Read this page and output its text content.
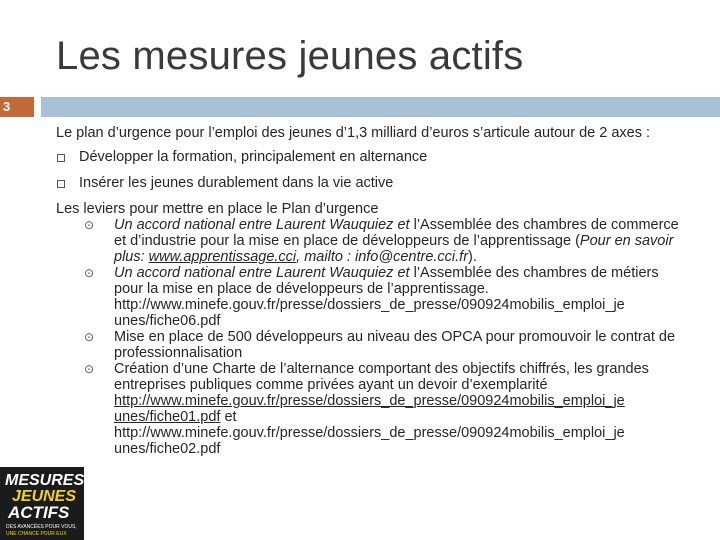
Les mesures jeunes actifs
3

Le plan d’urgence pour l’emploi des jeunes d’1,3 milliard d’euros s’articule autour de 2 axes :

Développer la formation, principalement en alternance
Insérer les jeunes durablement dans la vie active

Les leviers pour mettre en place le Plan d’urgence

⊙	Un accord national entre Laurent Wauquiez et l’Assemblée des chambres de commerce et d’industrie pour la mise en place de développeurs de l’apprentissage (Pour en savoir plus: www.apprentissage.cci, mailto : info@centre.cci.fr).
⊙	Un accord national entre Laurent Wauquiez et l’Assemblée des chambres de métiers pour la mise en place de développeurs de l’apprentissage. http://www.minefe.gouv.fr/presse/dossiers_de_presse/090924mobilis_emploi_je unes/fiche06.pdf
⊙	Mise en place de 500 développeurs au niveau des OPCA pour promouvoir le contrat de professionnalisation
⊙	Création d’une Charte de l’alternance comportant des objectifs chiffrés, les grandes entreprises publiques comme privées ayant un devoir d’exemplarité http://www.minefe.gouv.fr/presse/dossiers_de_presse/090924mobilis_emploi_je unes/fiche01.pdf et http://www.minefe.gouv.fr/presse/dossiers_de_presse/090924mobilis_emploi_je unes/fiche02.pdf
MESURES
JEUNES
ACTIFS
DES AVANCÉES POUR VOUS,
UNE CHANCE POUR EUX
